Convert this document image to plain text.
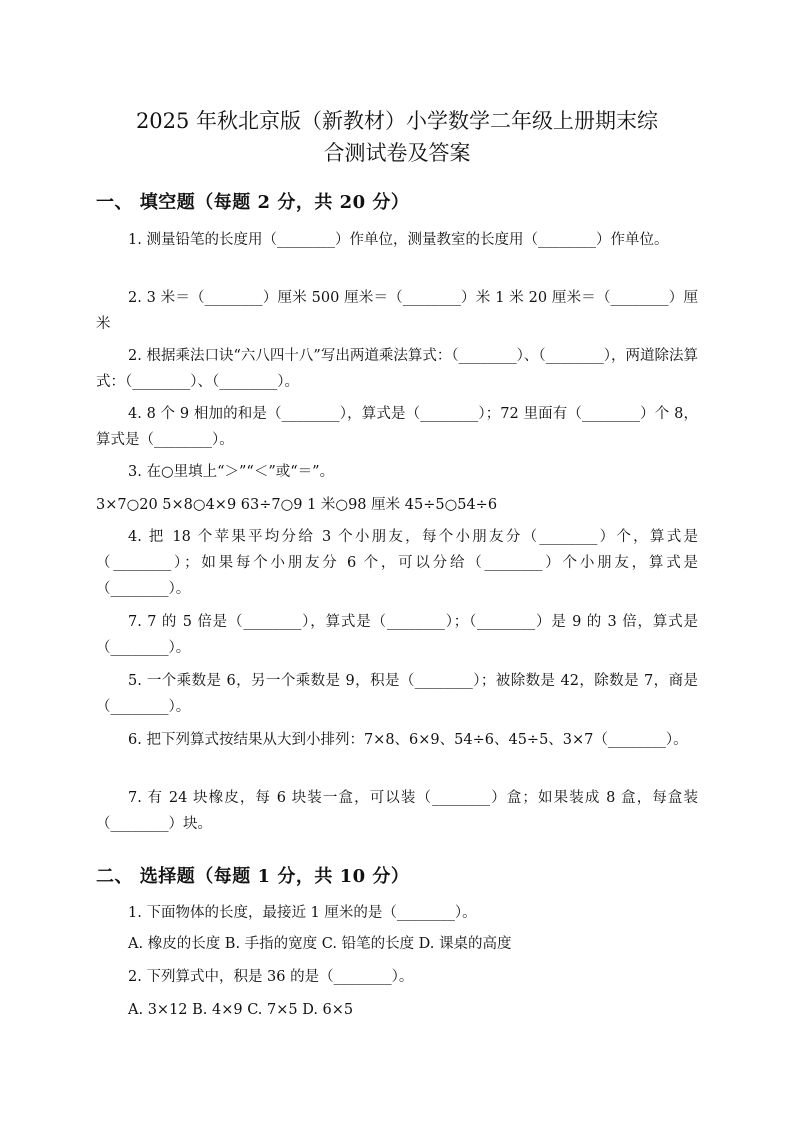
2025 年秋北京版（新教材）小学数学二年级上册期末综
合测试卷及答案
一、 填空题（每题 2 分，共 20 分）
1. 测量铅笔的长度用（________）作单位，测量教室的长度用（________）作单位。
2. 3 米＝（________）厘米 500 厘米＝（________）米 1 米 20 厘米＝（________）厘米
2. 根据乘法口诀“六八四十八”写出两道乘法算式：（________）、（________），两道除法算式：（________）、（________）。
4. 8 个 9 相加的和是（________），算式是（________）；72 里面有（________）个 8，算式是（________）。
3. 在○里填上“＞”“＜”或“＝”。
3×7○20 5×8○4×9 63÷7○9 1 米○98 厘米 45÷5○54÷6
4. 把 18 个苹果平均分给 3 个小朋友，每个小朋友分（________）个，算式是（________）；如果每个小朋友分 6 个，可以分给（________）个小朋友，算式是（________）。
7. 7 的 5 倍是（________），算式是（________）；（________）是 9 的 3 倍，算式是（________）。
5. 一个乘数是 6，另一个乘数是 9，积是（________）；被除数是 42，除数是 7，商是（________）。
6. 把下列算式按结果从大到小排列：7×8、6×9、54÷6、45÷5、3×7（________）。
7. 有 24 块橡皮，每 6 块装一盒，可以装（________）盒；如果装成 8 盒，每盒装（________）块。
二、 选择题（每题 1 分，共 10 分）
1. 下面物体的长度，最接近 1 厘米的是（________）。
A. 橡皮的长度 B. 手指的宽度 C. 铅笔的长度 D. 课桌的高度
2. 下列算式中，积是 36 的是（________）。
A. 3×12 B. 4×9 C. 7×5 D. 6×5
